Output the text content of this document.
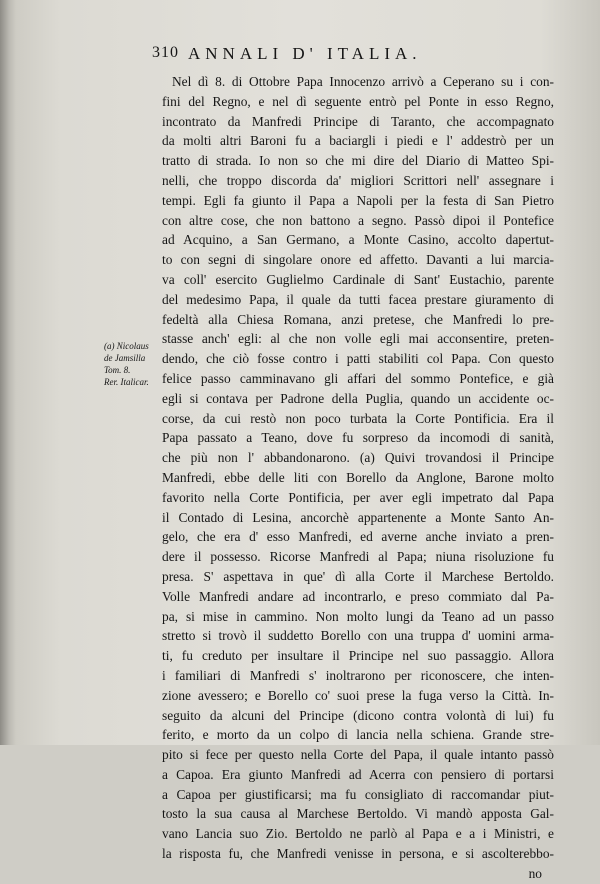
310 ANNALI D' ITALIA.
(a) Nicolaus
de Jamsilla
Tom. 8.
Rer. Italicar.
Nel dì 8. di Ottobre Papa Innocenzo arrivò a Ceperano su i con-
fini del Regno, e nel dì seguente entrò pel Ponte in esso Regno,
incontrato da Manfredi Principe di Taranto, che accompagnato
da molti altri Baroni fu a baciargli i piedi e l' addestrò per un
tratto di strada. Io non so che mi dire del Diario di Matteo Spi-
nelli, che troppo discorda da' migliori Scrittori nell' assegnare i
tempi. Egli fa giunto il Papa a Napoli per la festa di San Pietro
con altre cose, che non battono a segno. Passò dipoi il Pontefice
ad Acquino, a San Germano, a Monte Casino, accolto dapertut-
to con segni di singolare onore ed affetto. Davanti a lui marcia-
va coll' esercito Guglielmo Cardinale di Sant' Eustachio, parente
del medesimo Papa, il quale da tutti facea prestare giuramento di
fedeltà alla Chiesa Romana, anzi pretese, che Manfredi lo pre-
stasse anch' egli: al che non volle egli mai acconsentire, preten-
dendo, che ciò fosse contro i patti stabiliti col Papa. Con questo
felice passo camminavano gli affari del sommo Pontefice, e già
egli si contava per Padrone della Puglia, quando un accidente oc-
corse, da cui restò non poco turbata la Corte Pontificia. Era il
Papa passato a Teano, dove fu sorpreso da incomodi di sanità,
che più non l' abbandonarono. (a) Quivi trovandosi il Principe
Manfredi, ebbe delle liti con Borello da Anglone, Barone molto
favorito nella Corte Pontificia, per aver egli impetrato dal Papa
il Contado di Lesina, ancorchè appartenente a Monte Santo An-
gelo, che era d' esso Manfredi, ed averne anche inviato a pren-
dere il possesso. Ricorse Manfredi al Papa; niuna risoluzione fu
presa. S' aspettava in que' dì alla Corte il Marchese Bertoldo.
Volle Manfredi andare ad incontrarlo, e preso commiato dal Pa-
pa, si mise in cammino. Non molto lungi da Teano ad un passo
stretto si trovò il suddetto Borello con una truppa d' uomini arma-
ti, fu creduto per insultare il Principe nel suo passaggio. Allora
i familiari di Manfredi s' inoltrarono per riconoscere, che inten-
zione avessero; e Borello co' suoi prese la fuga verso la Città. In-
seguito da alcuni del Principe (dicono contra volontà di lui) fu
ferito, e morto da un colpo di lancia nella schiena. Grande stre-
pito si fece per questo nella Corte del Papa, il quale intanto passò
a Capoa. Era giunto Manfredi ad Acerra con pensiero di portarsi
a Capoa per giustificarsi; ma fu consigliato di raccomandar piut-
tosto la sua causa al Marchese Bertoldo. Vi mandò apposta Gal-
vano Lancia suo Zio. Bertoldo ne parlò al Papa e a i Ministri, e
la risposta fu, che Manfredi venisse in persona, e si ascolterebbo-
no
